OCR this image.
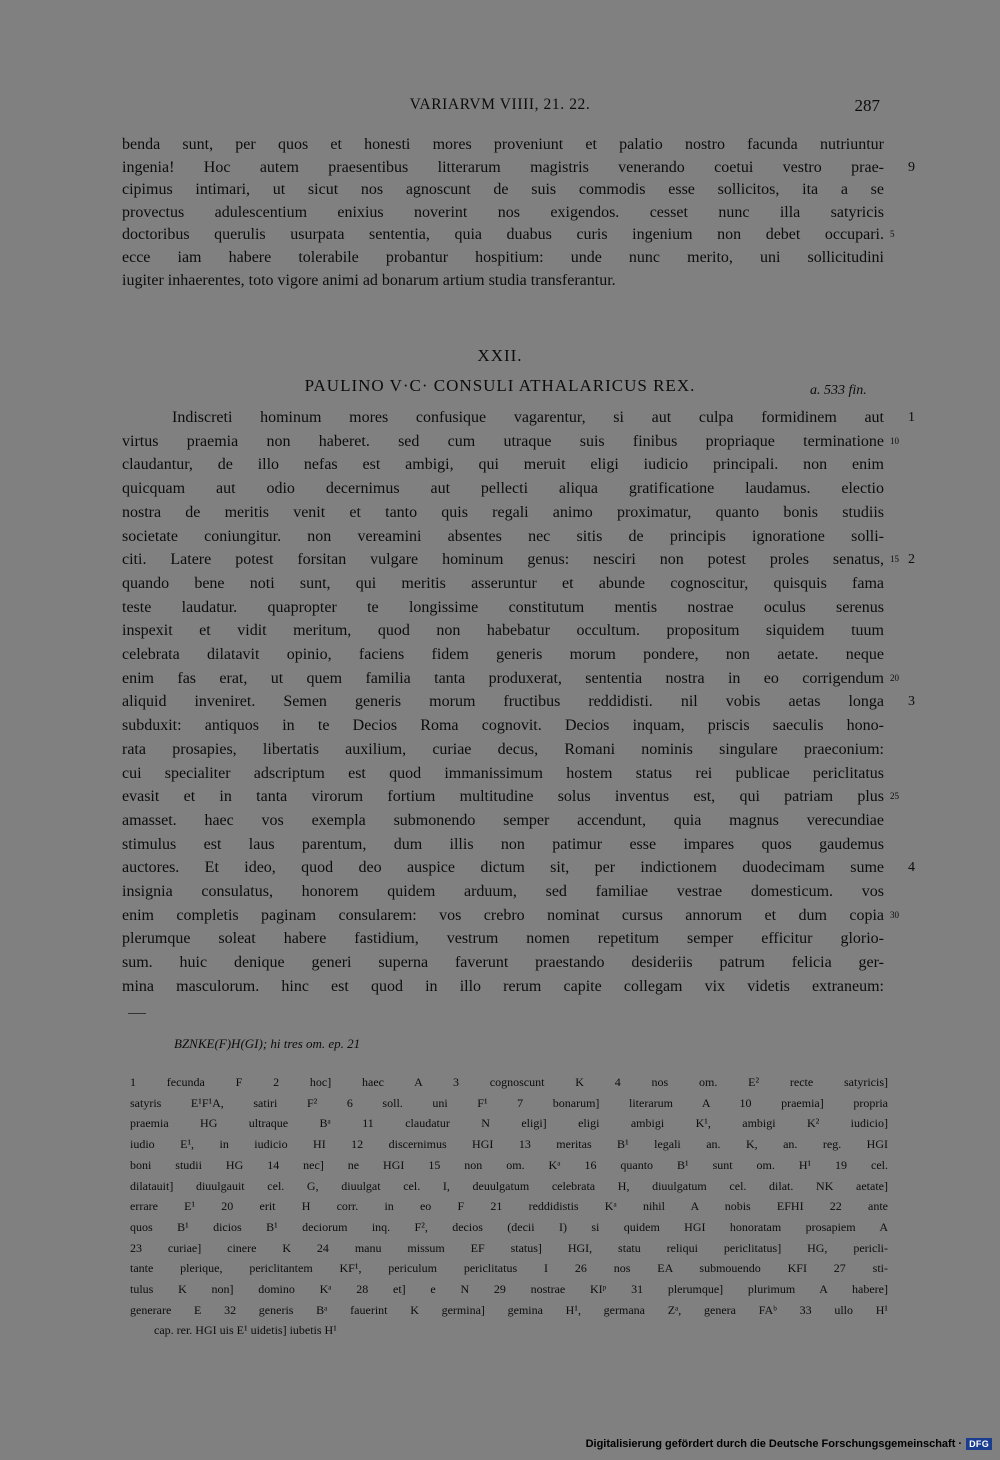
VARIARVM VIIII, 21. 22.	287
benda sunt, per quos et honesti mores proveniunt et palatio nostro facunda nutriuntur
ingenia! Hoc autem praesentibus litterarum magistris venerando coetui vestro prae-
cipimus intimari, ut sicut nos agnoscunt de suis commodis esse sollicitos, ita a se
provectus adulescentium enixius noverint nos exigendos. cesset nunc illa satyricis
doctoribus querulis usurpata sententia, quia duabus curis ingenium non debet occupari.
ecce iam habere tolerabile probantur hospitium: unde nunc merito, uni sollicitudini
iugiter inhaerentes, toto vigore animi ad bonarum artium studia transferantur.
9
5
XXII.
PAULINO V·C· CONSULI ATHALARICUS REX.	a. 533 fin.
Indiscreti hominum mores confusique vagarentur, si aut culpa formidinem aut
virtus praemia non haberet. sed cum utraque suis finibus propriaque terminatione
claudantur, de illo nefas est ambigi, qui meruit eligi iudicio principali. non enim
quicquam aut odio decernimus aut pellecti aliqua gratificatione laudamus. electio
nostra de meritis venit et tanto quis regali animo proximatur, quanto bonis studiis
societate coniungitur. non vereamini absentes nec sitis de principis ignoratione solli-
citi. Latere potest forsitan vulgare hominum genus: nesciri non potest proles senatus,
quando bene noti sunt, qui meritis asseruntur et abunde cognoscitur, quisquis fama
teste laudatur. quapropter te longissime constitutum mentis nostrae oculus serenus
inspexit et vidit meritum, quod non habebatur occultum. propositum siquidem tuum
celebrata dilatavit opinio, faciens fidem generis morum pondere, non aetate. neque
enim fas erat, ut quem familia tanta produxerat, sententia nostra in eo corrigendum
aliquid inveniret. Semen generis morum fructibus reddidisti. nil vobis aetas longa
subduxit: antiquos in te Decios Roma cognovit. Decios inquam, priscis saeculis hono-
rata prosapies, libertatis auxilium, curiae decus, Romani nominis singulare praeconium:
cui specialiter adscriptum est quod immanissimum hostem status rei publicae periclitatus
evasit et in tanta virorum fortium multitudine solus inventus est, qui patriam plus
amasset. haec vos exempla submonendo semper accendunt, quia magnus verecundiae
stimulus est laus parentum, dum illis non patimur esse impares quos gaudemus
auctores. Et ideo, quod deo auspice dictum sit, per indictionem duodecimam sume
insignia consulatus, honorem quidem arduum, sed familiae vestrae domesticum. vos
enim completis paginam consularem: vos crebro nominat cursus annorum et dum copia
plerumque soleat habere fastidium, vestrum nomen repetitum semper efficitur glorio-
sum. huic denique generi superna faverunt praestando desideriis patrum felicia ger-
mina masculorum. hinc est quod in illo rerum capite collegam vix videtis extraneum:
1
10
15 2
20
3
25
4
30
BZNKE(F)H(GI); hi tres om. ep. 21
1 fecunda F 2 hoc] haec A 3 cognoscunt K 4 nos om. E² recte satyricis]
satyris E¹F¹A, satiri F² 6 soll. uni F¹ 7 bonarum] literarum A 10 praemia] propria
praemia HG ultraque Bᵃ 11 claudatur N eligi] eligi ambigi K¹, ambigi K² iudicio]
iudio E¹, in iudicio HI 12 discernimus HGI 13 meritas B¹ legali an. K, an. reg. HGI
boni studii HG 14 nec] ne HGI 15 non om. Kᵃ 16 quanto B¹ sunt om. H¹ 19 cel.
dilatauit] diuulgauit cel. G, diuulgat cel. I, deuulgatum celebrata H, diuulgatum cel. dilat. NK aetate]
errare E¹ 20 erit H corr. in eo F 21 reddidistis Kᵃ nihil A nobis EFHI 22 ante
quos B¹ dicios B¹ deciorum inq. F², decios (decii I) si quidem HGI honoratam prosapiem A
23 curiae] cinere K 24 manu missum EF status] HGI, statu reliqui periclitatus] HG, pericli-
tante plerique, periclitantem KF¹, periculum periclitatus I 26 nos EA submouendo KFI 27 sti-
tulus K non] domino Kᵃ 28 et] e N 29 nostrae KIᵖ 31 plerumque] plurimum A habere]
generare E 32 generis Bᵃ fauerint K germina] gemina H¹, germana Zᵃ, genera FAᵇ 33 ullo H¹
cap. rer. HGI uis E¹ uidetis] iubetis H¹
Digitalisierung gefördert durch die Deutsche Forschungsgemeinschaft · DFG
